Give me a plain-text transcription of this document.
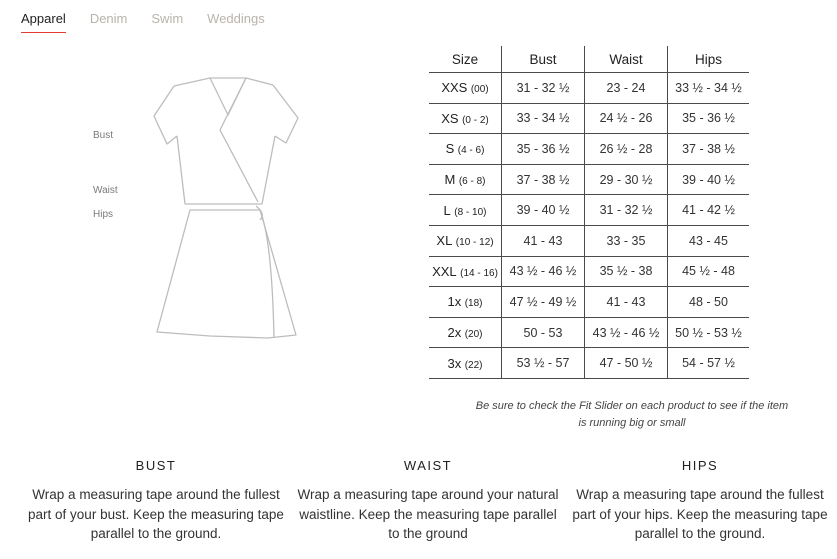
Apparel Denim Swim Weddings
Bust
Waist
Hips
Size	Bust	Waist	Hips
XXS (00)	31 - 32 ½	23 - 24	33 ½ - 34 ½
XS (0 - 2)	33 - 34 ½	24 ½ - 26	35 - 36 ½
S (4 - 6)	35 - 36 ½	26 ½ - 28	37 - 38 ½
M (6 - 8)	37 - 38 ½	29 - 30 ½	39 - 40 ½
L (8 - 10)	39 - 40 ½	31 - 32 ½	41 - 42 ½
XL (10 - 12)	41 - 43	33 - 35	43 - 45
XXL (14 - 16)	43 ½ - 46 ½	35 ½ - 38	45 ½ - 48
1x (18)	47 ½ - 49 ½	41 - 43	48 - 50
2x (20)	50 - 53	43 ½ - 46 ½	50 ½ - 53 ½
3x (22)	53 ½ - 57	47 - 50 ½	54 - 57 ½
Be sure to check the Fit Slider on each product to see if the item is running big or small
BUST

Wrap a measuring tape around the fullest part of your bust. Keep the measuring tape parallel to the ground.

WAIST

Wrap a measuring tape around your natural waistline. Keep the measuring tape parallel to the ground

HIPS

Wrap a measuring tape around the fullest part of your hips. Keep the measuring tape parallel to the ground.
